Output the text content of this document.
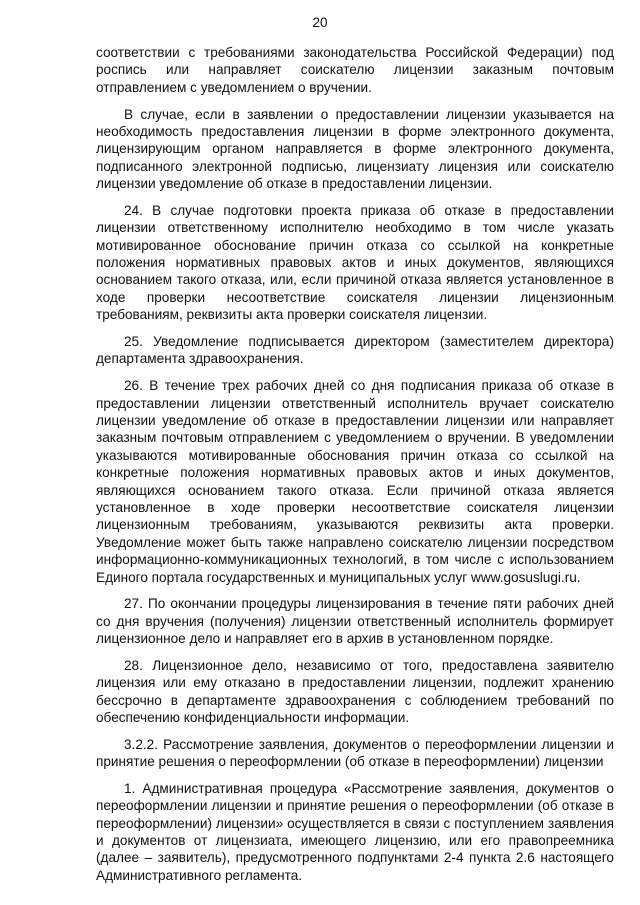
20

соответствии с требованиями законодательства Российской Федерации) под роспись или направляет соискателю лицензии заказным почтовым отправлением с уведомлением о вручении.

В случае, если в заявлении о предоставлении лицензии указывается на необходимость предоставления лицензии в форме электронного документа, лицензирующим органом направляется в форме электронного документа, подписанного электронной подписью, лицензиату лицензия или соискателю лицензии уведомление об отказе в предоставлении лицензии.

24. В случае подготовки проекта приказа об отказе в предоставлении лицензии ответственному исполнителю необходимо в том числе указать мотивированное обоснование причин отказа со ссылкой на конкретные положения нормативных правовых актов и иных документов, являющихся основанием такого отказа, или, если причиной отказа является установленное в ходе проверки несоответствие соискателя лицензии лицензионным требованиям, реквизиты акта проверки соискателя лицензии.

25. Уведомление подписывается директором (заместителем директора) департамента здравоохранения.

26. В течение трех рабочих дней со дня подписания приказа об отказе в предоставлении лицензии ответственный исполнитель вручает соискателю лицензии уведомление об отказе в предоставлении лицензии или направляет заказным почтовым отправлением с уведомлением о вручении. В уведомлении указываются мотивированные обоснования причин отказа со ссылкой на конкретные положения нормативных правовых актов и иных документов, являющихся основанием такого отказа. Если причиной отказа является установленное в ходе проверки несоответствие соискателя лицензии лицензионным требованиям, указываются реквизиты акта проверки. Уведомление может быть также направлено соискателю лицензии посредством информационно-коммуникационных технологий, в том числе с использованием Единого портала государственных и муниципальных услуг www.gosuslugi.ru.

27. По окончании процедуры лицензирования в течение пяти рабочих дней со дня вручения (получения) лицензии ответственный исполнитель формирует лицензионное дело и направляет его в архив в установленном порядке.

28. Лицензионное дело, независимо от того, предоставлена заявителю лицензия или ему отказано в предоставлении лицензии, подлежит хранению бессрочно в департаменте здравоохранения с соблюдением требований по обеспечению конфиденциальности информации.

3.2.2. Рассмотрение заявления, документов о переоформлении лицензии и принятие решения о переоформлении (об отказе в переоформлении) лицензии

1. Административная процедура «Рассмотрение заявления, документов о переоформлении лицензии и принятие решения о переоформлении (об отказе в переоформлении) лицензии» осуществляется в связи с поступлением заявления и документов от лицензиата, имеющего лицензию, или его правопреемника (далее – заявитель), предусмотренного подпунктами 2-4 пункта 2.6 настоящего Административного регламента.
